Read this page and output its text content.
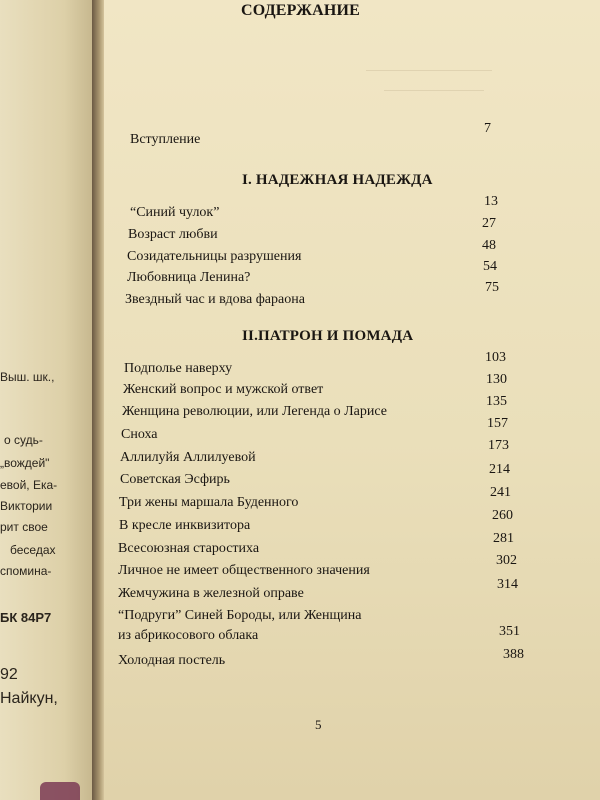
Выш. шк.,
о судь-
„вождей"
евой, Ека-
Виктории
рит свое
беседах
споминa-
БК 84Р7
92
Найкун,
СОДЕРЖАНИЕ
Вступление
7
I. НАДЕЖНАЯ НАДЕЖДА
“Синий чулок”
13
Возраст любви
27
Созидательницы разрушения
48
Любовница Ленина?
54
Звездный час и вдова фараона
75
II.ПАТРОН И ПОМАДА
Подполье наверху
103
Женский вопрос и мужской ответ
130
Женщина революции, или Легенда о Ларисе
135
Сноха
157
Аллилуйя Аллилуевой
173
Советская Эсфирь
214
Три жены маршала Буденного
241
В кресле инквизитора
260
Всесоюзная старостиха
281
Личное не имеет общественного значения
302
Жемчужина в железной оправе
314
“Подруги” Синей Бороды, или Женщина
из абрикосового облака	351
Холодная постель	388
5
